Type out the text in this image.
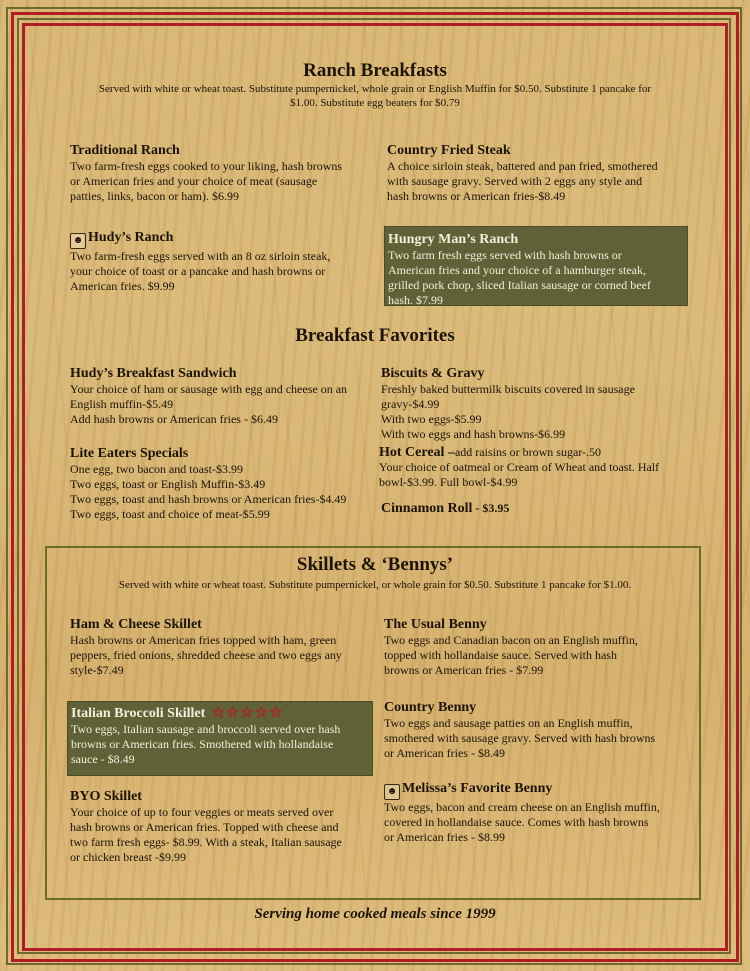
Ranch Breakfasts
Served with white or wheat toast. Substitute pumpernickel, whole grain or English Muffin for $0.50. Substitute 1 pancake for
$1.00. Substitute egg beaters for $0.79
Traditional Ranch
Two farm-fresh eggs cooked to your liking, hash browns
or American fries and your choice of meat (sausage
patties, links, bacon or ham). $6.99
Country Fried Steak
A choice sirloin steak, battered and pan fried, smothered
with sausage gravy. Served with 2 eggs any style and
hash browns or American fries-$8.49
☻ Hudy’s Ranch
Two farm-fresh eggs served with an 8 oz sirloin steak,
your choice of toast or a pancake and hash browns or
American fries. $9.99
Hungry Man’s Ranch
Two farm fresh eggs served with hash browns or
American fries and your choice of a hamburger steak,
grilled pork chop, sliced Italian sausage or corned beef
hash. $7.99
Breakfast Favorites
Hudy’s Breakfast Sandwich
Your choice of ham or sausage with egg and cheese on an
English muffin-$5.49
Add hash browns or American fries - $6.49
Biscuits & Gravy
Freshly baked buttermilk biscuits covered in sausage
gravy-$4.99
With two eggs-$5.99
With two eggs and hash browns-$6.99
Lite Eaters Specials
One egg, two bacon and toast-$3.99
Two eggs, toast or English Muffin-$3.49
Two eggs, toast and hash browns or American fries-$4.49
Two eggs, toast and choice of meat-$5.99
Hot Cereal –add raisins or brown sugar-.50
Your choice of oatmeal or Cream of Wheat and toast. Half
bowl-$3.99. Full bowl-$4.99
Cinnamon Roll - $3.95
Skillets & ‘Bennys’
Served with white or wheat toast. Substitute pumpernickel, or whole grain for $0.50. Substitute 1 pancake for $1.00.
Ham & Cheese Skillet
Hash browns or American fries topped with ham, green
peppers, fried onions, shredded cheese and two eggs any
style-$7.49
The Usual Benny
Two eggs and Canadian bacon on an English muffin,
topped with hollandaise sauce. Served with hash
browns or American fries - $7.99
Italian Broccoli Skillet ☆☆☆☆☆
Two eggs, Italian sausage and broccoli served over hash
browns or American fries. Smothered with hollandaise
sauce - $8.49
Country Benny
Two eggs and sausage patties on an English muffin,
smothered with sausage gravy. Served with hash browns
or American fries - $8.49
BYO Skillet
Your choice of up to four veggies or meats served over
hash browns or American fries. Topped with cheese and
two farm fresh eggs- $8.99. With a steak, Italian sausage
or chicken breast -$9.99
☻ Melissa’s Favorite Benny
Two eggs, bacon and cream cheese on an English muffin,
covered in hollandaise sauce. Comes with hash browns
or American fries - $8.99
Serving home cooked meals since 1999
